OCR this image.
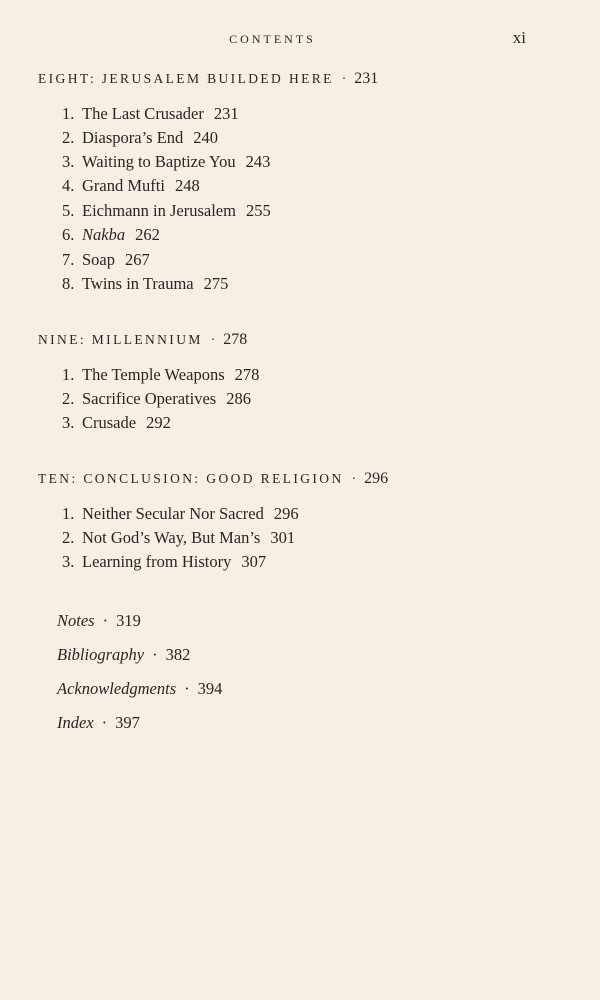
CONTENTS	xi
EIGHT: JERUSALEM BUILDED HERE · 231
1. The Last Crusader 231
2. Diaspora’s End 240
3. Waiting to Baptize You 243
4. Grand Mufti 248
5. Eichmann in Jerusalem 255
6. Nakba 262
7. Soap 267
8. Twins in Trauma 275
NINE: MILLENNIUM · 278
1. The Temple Weapons 278
2. Sacrifice Operatives 286
3. Crusade 292
TEN: CONCLUSION: GOOD RELIGION · 296
1. Neither Secular Nor Sacred 296
2. Not God’s Way, But Man’s 301
3. Learning from History 307
Notes · 319
Bibliography · 382
Acknowledgments · 394
Index · 397
